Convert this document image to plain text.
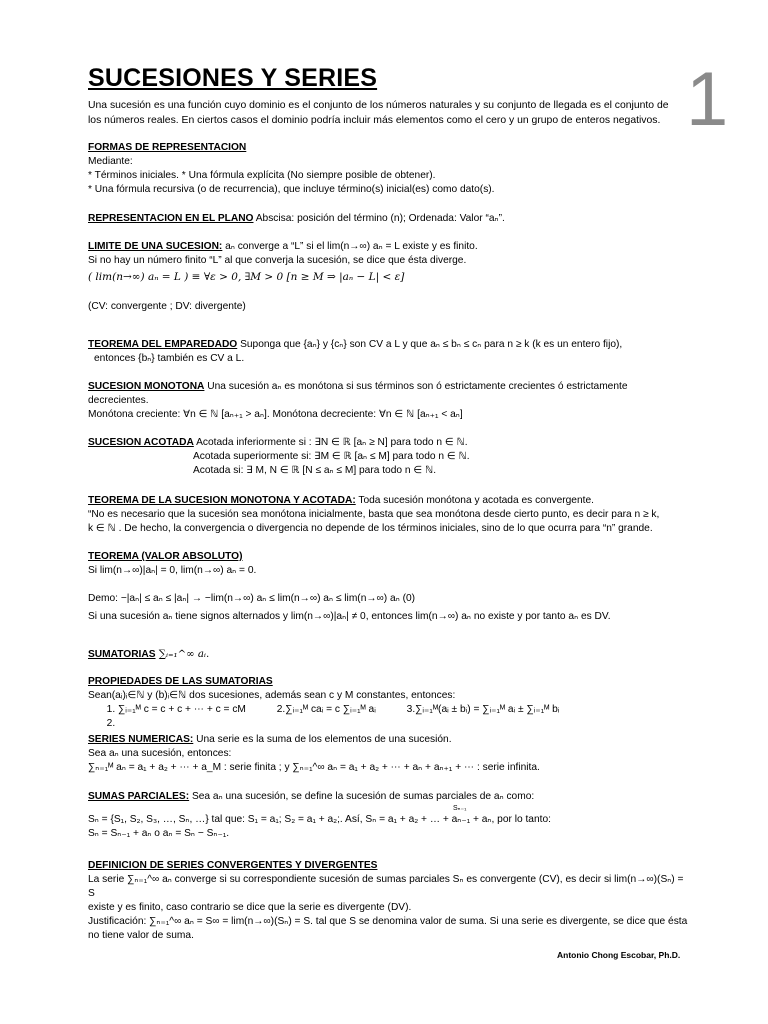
SUCESIONES Y SERIES	1
Una sucesión es una función cuyo dominio es el conjunto de los números naturales y su conjunto de llegada es el conjunto de los números reales. En ciertos casos el dominio podría incluir más elementos como el cero y un grupo de enteros negativos.
FORMAS DE REPRESENTACION
Mediante:
* Términos iniciales. * Una fórmula explícita (No siempre posible de obtener).
* Una fórmula recursiva (o de recurrencia), que incluye término(s) inicial(es) como dato(s).
REPRESENTACION EN EL PLANO Abscisa: posición del término (n); Ordenada: Valor “aₙ”.
LIMITE DE UNA SUCESION: aₙ converge a “L” si el lim(n→∞) aₙ = L existe y es finito.
Si no hay un número finito “L” al que converja la sucesión, se dice que ésta diverge.
( lim(n→∞) aₙ = L ) ≡ ∀ε > 0, ∃M > 0 [n ≥ M ⇒ |aₙ − L| < ε]
(CV: convergente ; DV: divergente)
TEOREMA DEL EMPAREDADO Suponga que {aₙ} y {cₙ} son CV a L y que aₙ ≤ bₙ ≤ cₙ para n ≥ k (k es un entero fijo),
entonces {bₙ} también es CV a L.
SUCESION MONOTONA Una sucesión aₙ es monótona si sus términos son ó estrictamente crecientes ó estrictamente
decrecientes.
Monótona creciente: ∀n ∈ ℕ [aₙ₊₁ > aₙ]. Monótona decreciente: ∀n ∈ ℕ [aₙ₊₁ < aₙ]
SUCESION ACOTADA Acotada inferiormente si : ∃N ∈ ℝ [aₙ ≥ N] para todo n ∈ ℕ.
Acotada superiormente si: ∃M ∈ ℝ [aₙ ≤ M] para todo n ∈ ℕ.
Acotada si: ∃ M, N ∈ ℝ [N ≤ aₙ ≤ M] para todo n ∈ ℕ.
TEOREMA DE LA SUCESION MONOTONA Y ACOTADA: Toda sucesión monótona y acotada es convergente.
“No es necesario que la sucesión sea monótona inicialmente, basta que sea monótona desde cierto punto, es decir para n ≥ k,
k ∈ ℕ . De hecho, la convergencia o divergencia no depende de los términos iniciales, sino de lo que ocurra para “n” grande.
TEOREMA (VALOR ABSOLUTO)
Si lim(n→∞)|aₙ| = 0, lim(n→∞) aₙ = 0.
Demo: −|aₙ| ≤ aₙ ≤ |aₙ| → −lim(n→∞) aₙ ≤ lim(n→∞) aₙ ≤ lim(n→∞) aₙ (0)
Si una sucesión aₙ tiene signos alternados y lim(n→∞)|aₙ| ≠ 0, entonces lim(n→∞) aₙ no existe y por tanto aₙ es DV.
SUMATORIAS ∑ᵢ₌₁^∞ aᵢ.
PROPIEDADES DE LAS SUMATORIAS
Sean(aᵢ)ᵢ∈ℕ y (b)ᵢ∈ℕ dos sucesiones, además sean c y M constantes, entonces:
1. ∑ᵢ₌₁ᴹ c = c + c + ⋯ + c = cM	2.∑ᵢ₌₁ᴹ caᵢ = c ∑ᵢ₌₁ᴹ aᵢ	3.∑ᵢ₌₁ᴹ(aᵢ ± bᵢ) = ∑ᵢ₌₁ᴹ aᵢ ± ∑ᵢ₌₁ᴹ bᵢ
2.
SERIES NUMERICAS: Una serie es la suma de los elementos de una sucesión.
Sea aₙ una sucesión, entonces:
∑ₙ₌₁ᴹ aₙ = a₁ + a₂ + ⋯ + a_M : serie finita ; y ∑ₙ₌₁^∞ aₙ = a₁ + a₂ + ⋯ + aₙ + aₙ₊₁ + ⋯ : serie infinita.
SUMAS PARCIALES: Sea aₙ una sucesión, se define la sucesión de sumas parciales de aₙ como:
Sₙ₋₁
Sₙ = {S₁, S₂, S₃, …, Sₙ, …} tal que: S₁ = a₁; S₂ = a₁ + a₂;. Así, Sₙ = a₁ + a₂ + … + aₙ₋₁ + aₙ, por lo tanto:
Sₙ = Sₙ₋₁ + aₙ o aₙ = Sₙ − Sₙ₋₁.
DEFINICION DE SERIES CONVERGENTES Y DIVERGENTES
La serie ∑ₙ₌₁^∞ aₙ converge si su correspondiente sucesión de sumas parciales Sₙ es convergente (CV), es decir si lim(n→∞)(Sₙ) = S
existe y es finito, caso contrario se dice que la serie es divergente (DV).
Justificación: ∑ₙ₌₁^∞ aₙ = S∞ = lim(n→∞)(Sₙ) = S. tal que S se denomina valor de suma. Si una serie es divergente, se dice que ésta
no tiene valor de suma.
Antonio Chong Escobar, Ph.D.
